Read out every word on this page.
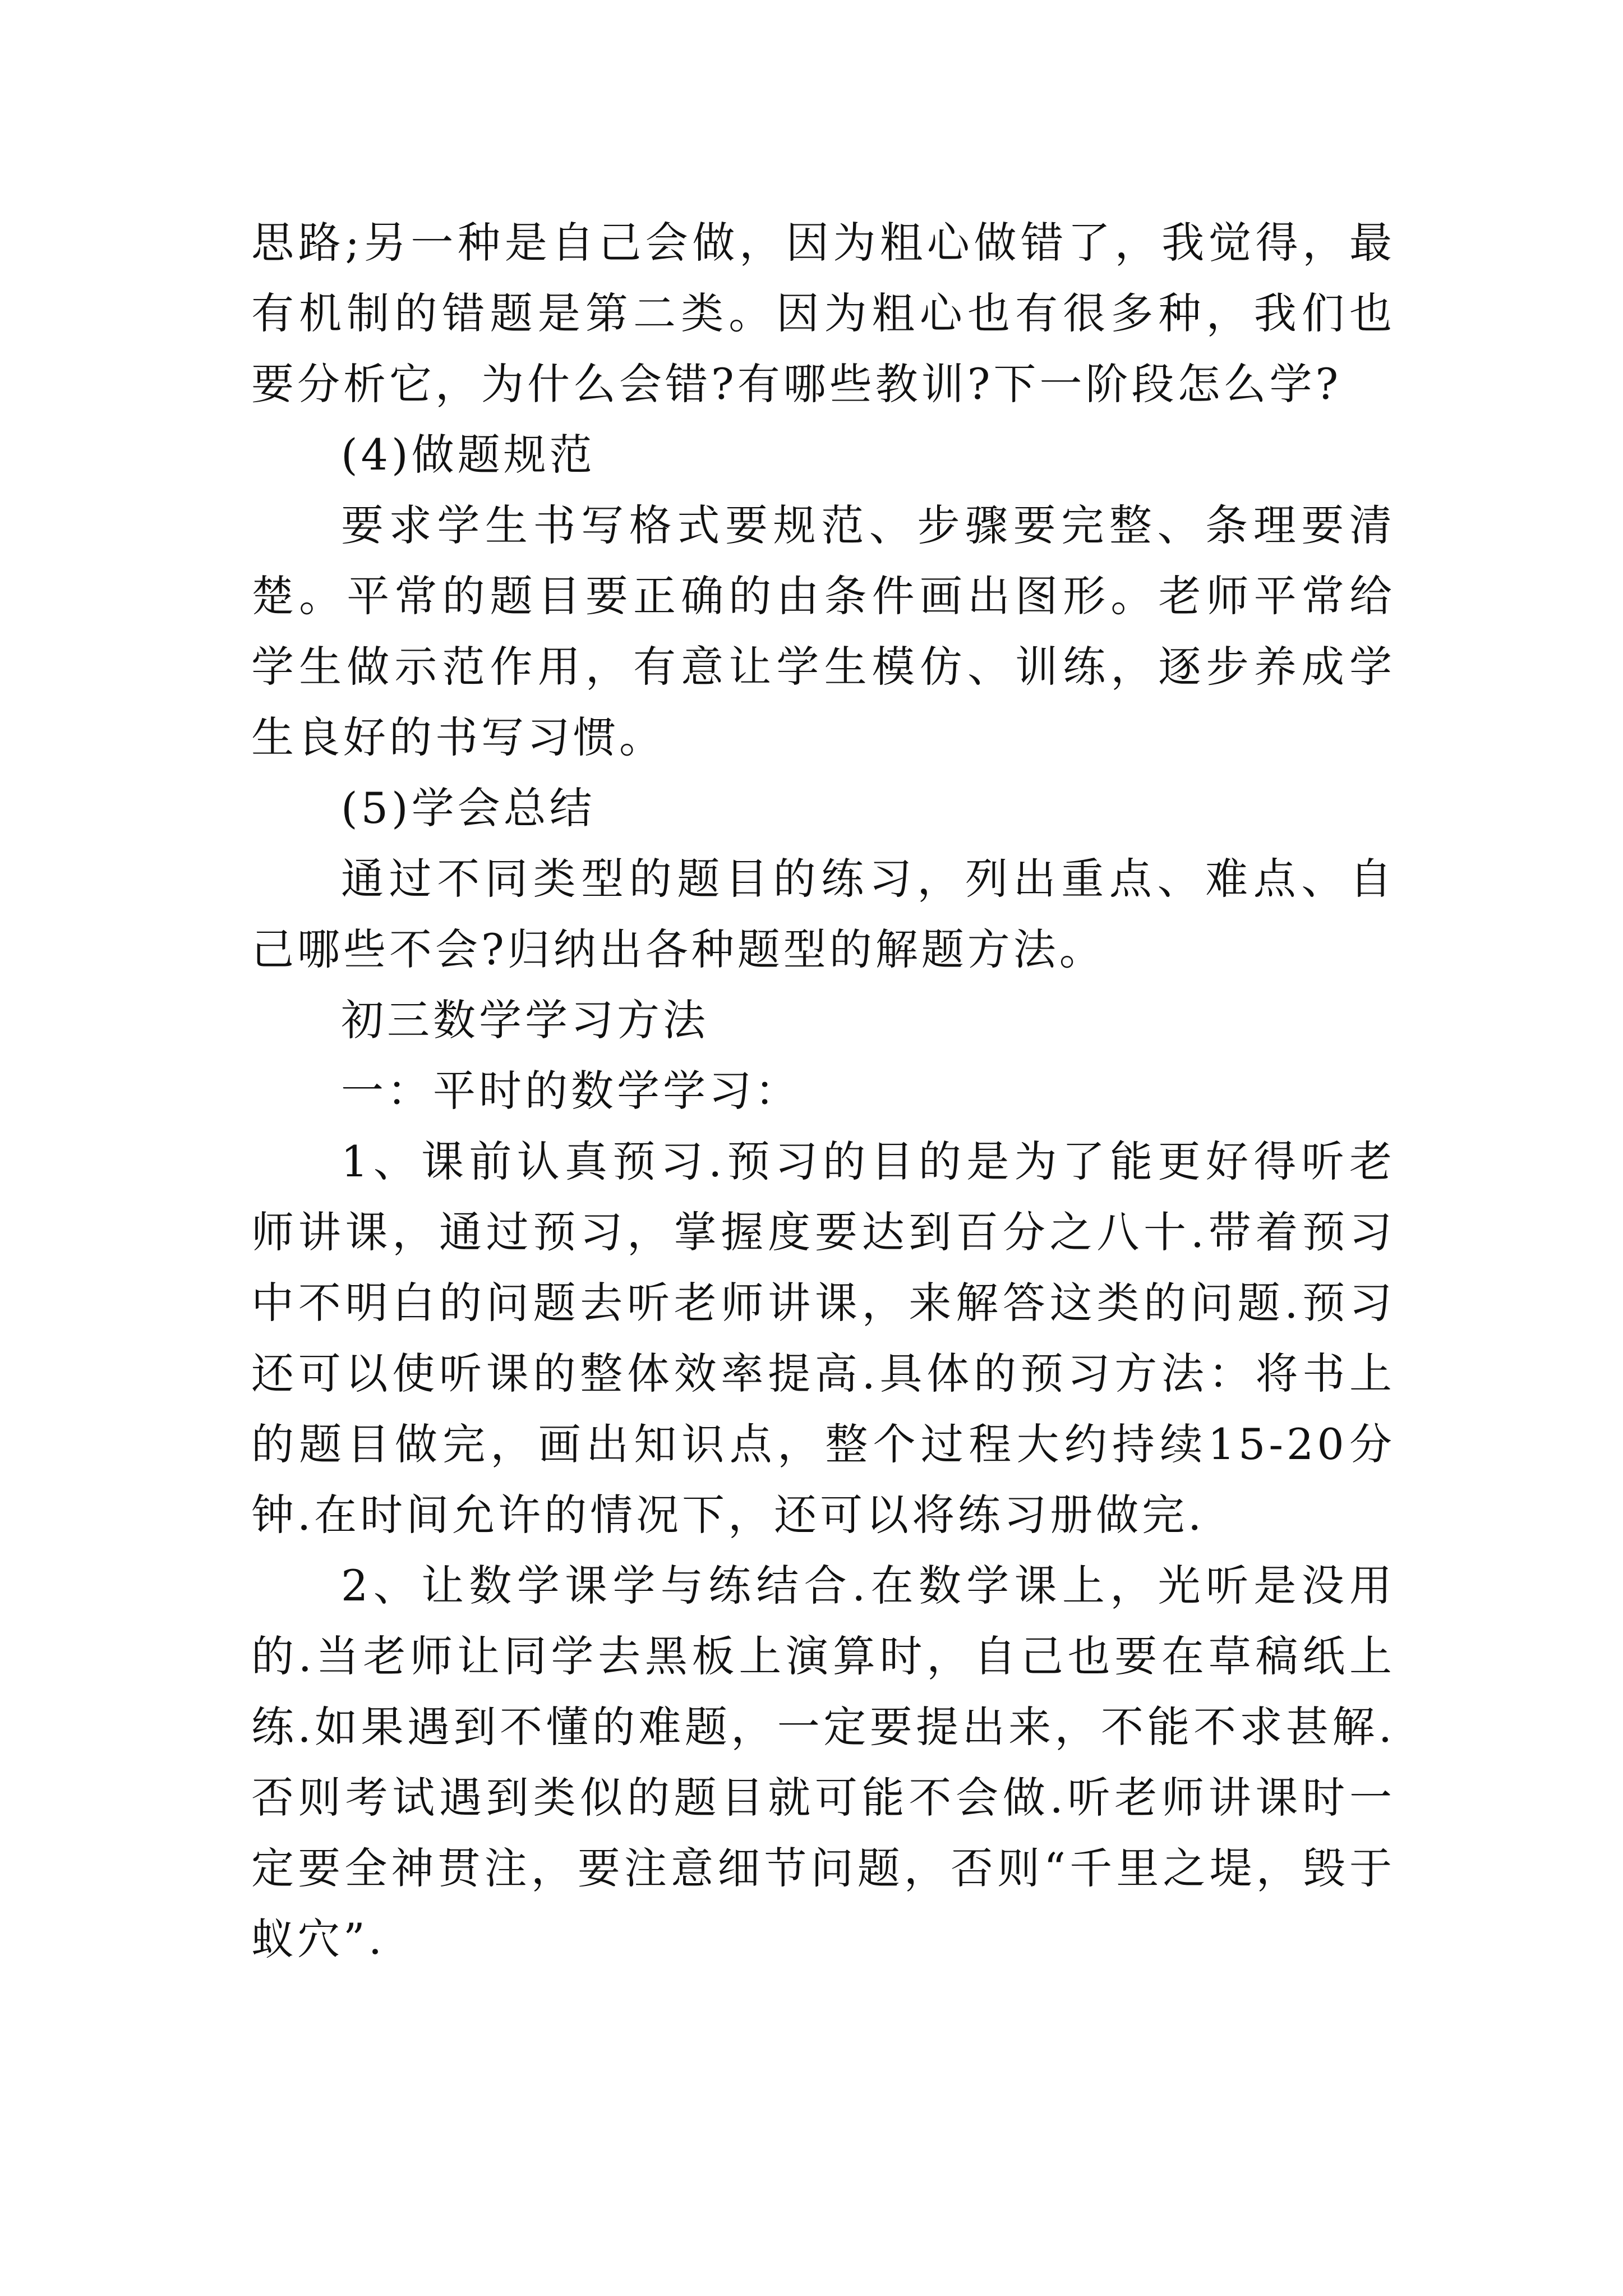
思路;另一种是自己会做，因为粗心做错了，我觉得，最有机制的错题是第二类。因为粗心也有很多种，我们也要分析它，为什么会错?有哪些教训?下一阶段怎么学?

(4)做题规范

要求学生书写格式要规范、步骤要完整、条理要清楚。平常的题目要正确的由条件画出图形。老师平常给学生做示范作用，有意让学生模仿、训练，逐步养成学生良好的书写习惯。

(5)学会总结

通过不同类型的题目的练习，列出重点、难点、自己哪些不会?归纳出各种题型的解题方法。

初三数学学习方法

一：平时的数学学习：

1、课前认真预习.预习的目的是为了能更好得听老师讲课，通过预习，掌握度要达到百分之八十.带着预习中不明白的问题去听老师讲课，来解答这类的问题.预习还可以使听课的整体效率提高.具体的预习方法：将书上的题目做完，画出知识点，整个过程大约持续15-20分钟.在时间允许的情况下，还可以将练习册做完.

2、让数学课学与练结合.在数学课上，光听是没用的.当老师让同学去黑板上演算时，自己也要在草稿纸上练.如果遇到不懂的难题，一定要提出来，不能不求甚解.否则考试遇到类似的题目就可能不会做.听老师讲课时一定要全神贯注，要注意细节问题，否则“千里之堤，毁于蚁穴”.
